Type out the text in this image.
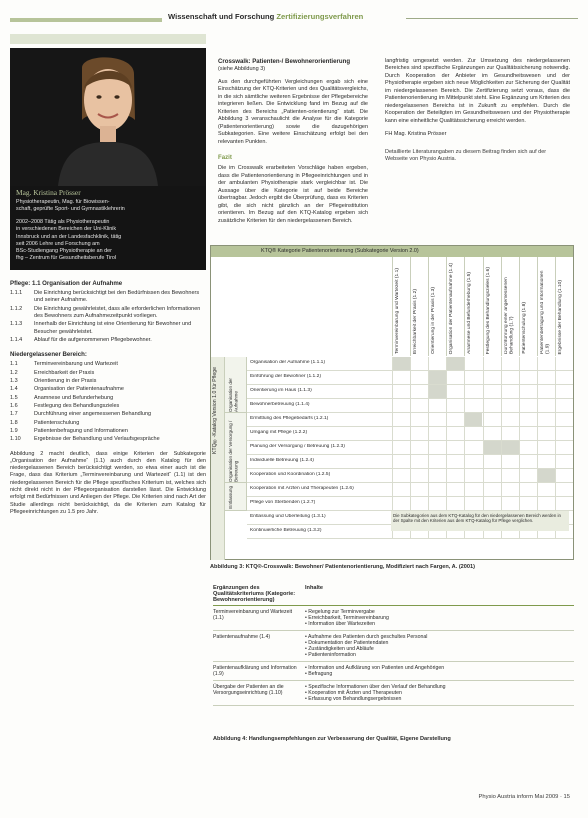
Wissenschaft und Forschung Zertifizierungsverfahren
Mag. Kristina Prösser
Physiotherapeutin, Mag. für Biowissen-
schaft, geprüfte Sport- und Gymnastiklehrerin
2002–2008 Tätig als Physiotherapeutin
in verschiedenen Bereichen der Uni-Klinik
Innsbruck und an der Landesfachklinik, tätig
seit 2006 Lehre und Forschung am
BSc-Studiengang Physiotherapie an der
fhg – Zentrum für Gesundheitsberufe Tirol
Pflege: 1.1 Organisation der Aufnahme
1.1.1	Die Einrichtung berücksichtigt bei den Bedürfnissen des Bewohners und seiner Aufnahme.
1.1.2	Die Einrichtung gewährleistet, dass alle erforderlichen Informationen des Bewohners zum Aufnahmezeitpunkt vorliegen.
1.1.3	Innerhalb der Einrichtung ist eine Orientierung für Bewohner und Besucher gewährleistet.
1.1.4	Ablauf für die aufgenommenen Pflegebewohner.
Niedergelassener Bereich:
1.1	Terminvereinbarung und Wartezeit
1.2	Erreichbarkeit der Praxis
1.3	Orientierung in der Praxis
1.4	Organisation der Patientenaufnahme
1.5	Anamnese und Befunderhebung
1.6	Festlegung des Behandlungszieles
1.7	Durchführung einer angemessenen Behandlung
1.8	Patientenschulung
1.9	Patientenbefragung und Informationen
1.10	Ergebnisse der Behandlung und Verlaufsgespräche

Abbildung 2 macht deutlich, dass einige Kriterien der Subkategorie „Organisation der Aufnahme“ (1.1) auch durch den Katalog für den niedergelassenen Bereich berücksichtigt werden, so etwa einer auch ist die Frage, dass das Kriterium „Terminvereinbarung und Wartezeit“ (1.1) ist den niedergelassenen Bereich für die Pflege spezifisches Kriterium ist, welches sich nicht direkt nicht in der Pflegeorganisation darstellen lässt. Die Entwicklung erfolgt mit Bedürfnissen und Anliegen der Pflege. Die Kriterien sind nach Art der Studie allerdings nicht berücksichtigt, da die Kriterien zum Katalog für Pflegeeinrichtungen zu 1.5 pro Jahr.

Crosswalk: Patienten-/ Bewohnerorientierung
(siehe Abbildung 3)

Aus den durchgeführten Vergleichungen ergab sich eine Einschätzung der KTQ-Kriterien und des Qualitätsvergleichs, in die sich sämtliche weiteren Ergebnisse der Pflegebereiche integrieren ließen. Die Entwicklung fand im Bezug auf die Kriterien des Bereichs „Patienten-orientierung“ statt. Die Abbildung 3 veranschaulicht die Analyse für die Kategorie (Patientenorientierung) sowie die dazugehörigen Subkategorien. Eine weitere Einschätzung erfolgt bei den relevanten Punkten.

Fazit

Die im Crosswalk erarbeiteten Vorschläge haben ergeben, dass die Patientenorientierung in Pflegeeinrichtungen und in der ambulanten Physiotherapie stark vergleichbar ist. Die Aussage über die Kategorie ist auf beide Bereiche übertragbar. Jedoch ergibt die Überprüfung, dass es Kriterien gibt, die sich nicht gänzlich an der Pflegeinstitution orientieren. Im Bezug auf den KTQ-Katalog ergeben sich zusätzliche Kriterien für den niedergelassenen Bereich.

langfristig umgesetzt werden. Zur Umsetzung des niedergelassenen Bereiches sind spezifische Ergänzungen zur Qualitätssicherung notwendig. Durch Kooperation der Anbieter im Gesundheitswesen und der Physiotherapie ergeben sich neue Möglichkeiten zur Sicherung der Qualität im niedergelassenen Bereich. Die Zertifizierung setzt voraus, dass die Patientenorientierung im Mittelpunkt steht. Eine Ergänzung um Kriterien des niedergelassenen Bereichs ist in Zukunft zu empfehlen. Durch die Kooperation der Beteiligten im Gesundheitswesen und der Physiotherapie kann eine einheitliche Qualitätssicherung erreicht werden.

FH Mag. Kristina Prösser
Detaillierte Literaturangaben zu diesem Beitrag finden sich auf der Webseite von Physio Austria.
KTQ® Kategorie Patientenorientierung (Subkategorie Version 2.0)
Terminvereinbarung und Wartezeit (1.1)	Erreichbarkeit der Praxis (1.2)	Orientierung in der Praxis (1.3)	Organisation der Patientenaufnahme (1.4)	Anamnese und Befunderhebung (1.5)	Festlegung des Behandlungszieles (1.6)	Durchführung einer angemessenen Behandlung (1.7) Patientenschulung (1.8)	Patientenbefragung und Informationen (1.9) Ergebnisse der Behandlung (1.10)
KTQ®-Katalog Version 1.0 für Pflege Organisation der Aufnahme
Organisation der Versorgung / Betreuung
Entlassung
Organisation der Aufnahme (1.1.1)
Einführung der Bewohner (1.1.2)
Orientierung im Haus (1.1.3)
Bewohnerbetreuung (1.1.4)
Ermittlung des Pflegebedarfs (1.2.1)
Umgang mit Pflege (1.2.2)
Planung der Versorgung / Betreuung (1.2.3)
Individuelle Betreuung (1.2.4)
Kooperation und Koordination (1.2.5)
Kooperation mit Ärzten und Therapeuten (1.2.6)
Pflege von Sterbenden (1.2.7)
Entlassung und Überleitung (1.3.1)
Kontinuierliche Betreuung (1.3.2)
Die Subkategorien aus dem KTQ-Katalog für den niedergelassenen Bereich werden in der Spalte mit den Kriterien aus dem KTQ-Katalog für Pflege verglichen.
Abbildung 3: KTQ®-Crosswalk: Bewohner/ Patientenorientierung, Modifiziert nach Fargen, A. (2001)
Ergänzungen des Qualitätskriteriums (Kategorie: Bewohnerorientierung)
Inhalte
Terminvereinbarung und Wartezeit (1.1)
• Regelung zur Terminvergabe
• Erreichbarkeit, Terminvereinbarung
• Information über Wartezeiten
Patientenaufnahme (1.4)
•	Aufnahme des Patienten durch geschultes Personal
• Dokumentation der Patientendaten
• Zuständigkeiten und Abläufe
• Patienteninformation
Patientenaufklärung und Information (1.9)
• Information und Aufklärung von Patienten und Angehörigen
• Befragung
Übergabe der Patienten an die Versorgungseinrichtung (1.10)
• Spezifische Informationen über den Verlauf der Behandlung
• Kooperation mit Ärzten und Therapeuten
• Erfassung von Behandlungsergebnissen
Abbildung 4: Handlungsempfehlungen zur Verbesserung der Qualität, Eigene Darstellung
Physio Austria inform Mai 2009 · 15
